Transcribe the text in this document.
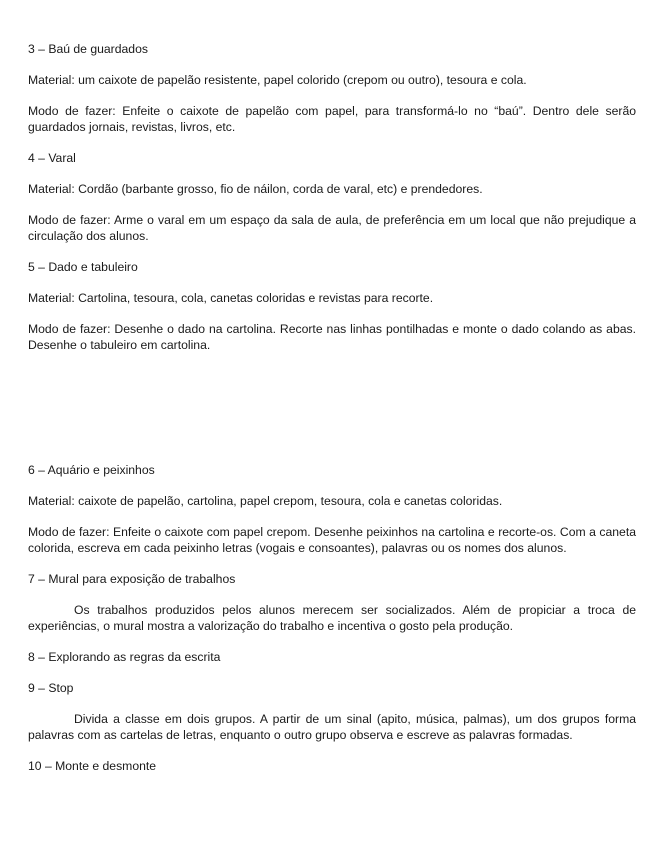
3 – Baú de guardados

Material: um caixote de papelão resistente, papel colorido (crepom ou outro), tesoura e cola.

Modo de fazer: Enfeite o caixote de papelão com papel, para transformá-lo no “baú”. Dentro dele serão guardados jornais, revistas, livros, etc.

4 – Varal

Material: Cordão (barbante grosso, fio de náilon, corda de varal, etc) e prendedores.

Modo de fazer: Arme o varal em um espaço da sala de aula, de preferência em um local que não prejudique a circulação dos alunos.

5 – Dado e tabuleiro

Material: Cartolina, tesoura, cola, canetas coloridas e revistas para recorte.

Modo de fazer: Desenhe o dado na cartolina. Recorte nas linhas pontilhadas e monte o dado colando as abas. Desenhe o tabuleiro em cartolina.

6 – Aquário e peixinhos

Material: caixote de papelão, cartolina, papel crepom, tesoura, cola e canetas coloridas.

Modo de fazer: Enfeite o caixote com papel crepom. Desenhe peixinhos na cartolina e recorte-os. Com a caneta colorida, escreva em cada peixinho letras (vogais e consoantes), palavras ou os nomes dos alunos.

7 – Mural para exposição de trabalhos

Os trabalhos produzidos pelos alunos merecem ser socializados. Além de propiciar a troca de experiências, o mural mostra a valorização do trabalho e incentiva o gosto pela produção.

8 – Explorando as regras da escrita

9 – Stop

Divida a classe em dois grupos. A partir de um sinal (apito, música, palmas), um dos grupos forma palavras com as cartelas de letras, enquanto o outro grupo observa e escreve as palavras formadas.

10 – Monte e desmonte
